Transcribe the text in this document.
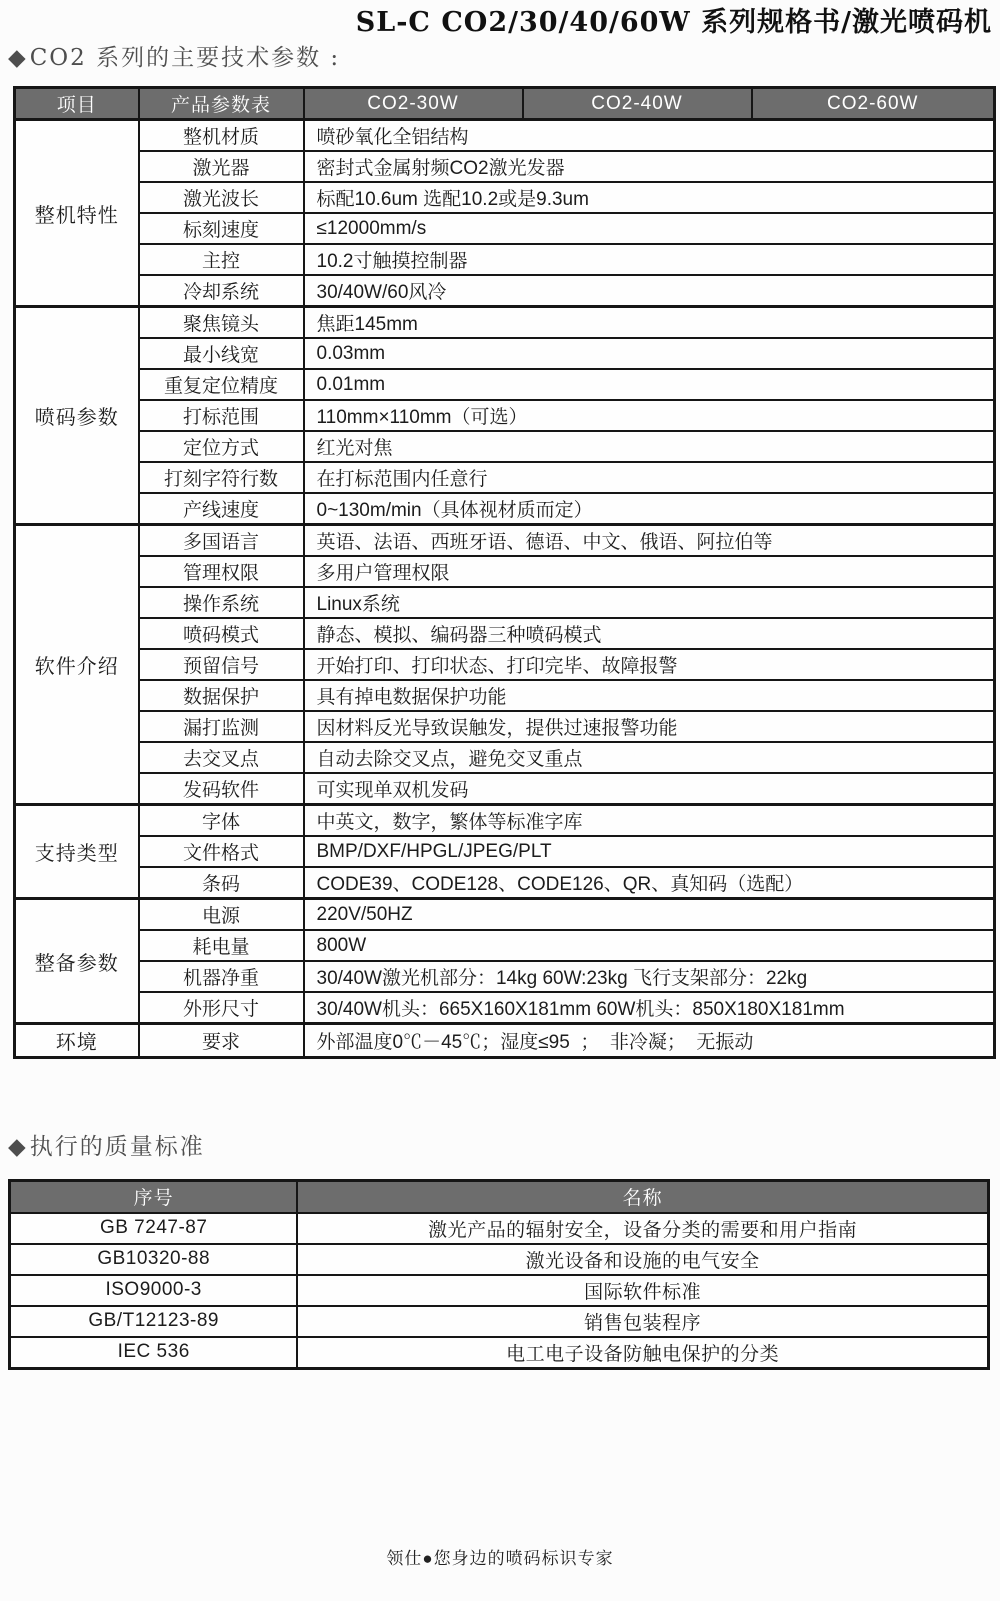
SL-C CO2/30/40/60W 系列规格书/激光喷码机
◆CO2 系列的主要技术参数 :
项目	产品参数表	CO2-30W	CO2-40W	CO2-60W
整机特性	整机材质	喷砂氧化全铝结构		
	激光器	密封式金属射频CO2激光发器		
	激光波长	标配10.6um 选配10.2或是9.3um		
	标刻速度	≤12000mm/s		
	主控	10.2寸触摸控制器		
	冷却系统	30/40W/60风冷		
喷码参数	聚焦镜头	焦距145mm		
	最小线宽	0.03mm		
	重复定位精度	0.01mm		
	打标范围	110mm×110mm（可选）		
	定位方式	红光对焦		
	打刻字符行数	在打标范围内任意行		
	产线速度	0~130m/min（具体视材质而定）		
软件介绍	多国语言	英语、法语、西班牙语、德语、中文、俄语、阿拉伯等		
	管理权限	多用户管理权限		
	操作系统	Linux系统		
	喷码模式	静态、模拟、编码器三种喷码模式		
	预留信号	开始打印、打印状态、打印完毕、故障报警		
	数据保护	具有掉电数据保护功能		
	漏打监测	因材料反光导致误触发，提供过速报警功能		
	去交叉点	自动去除交叉点，避免交叉重点		
	发码软件	可实现单双机发码		
支持类型	字体	中英文，数字，繁体等标准字库		
	文件格式	BMP/DXF/HPGL/JPEG/PLT		
	条码	CODE39、CODE128、CODE126、QR、真知码（选配）		
整备参数	电源	220V/50HZ		
	耗电量	800W		
	机器净重	30/40W激光机部分：14kg 60W:23kg 飞行支架部分：22kg		
	外形尺寸	30/40W机头：665X160X181mm 60W机头：850X180X181mm		
环境	要求	外部温度0℃－45℃；湿度≤95  ；  非冷凝；  无振动		
◆执行的质量标准
序号	名称
GB 7247-87	激光产品的辐射安全，设备分类的需要和用户指南
GB10320-88	激光设备和设施的电气安全
ISO9000-3	国际软件标准
GB/T12123-89	销售包装程序
IEC 536	电工电子设备防触电保护的分类
领仕●您身边的喷码标识专家
